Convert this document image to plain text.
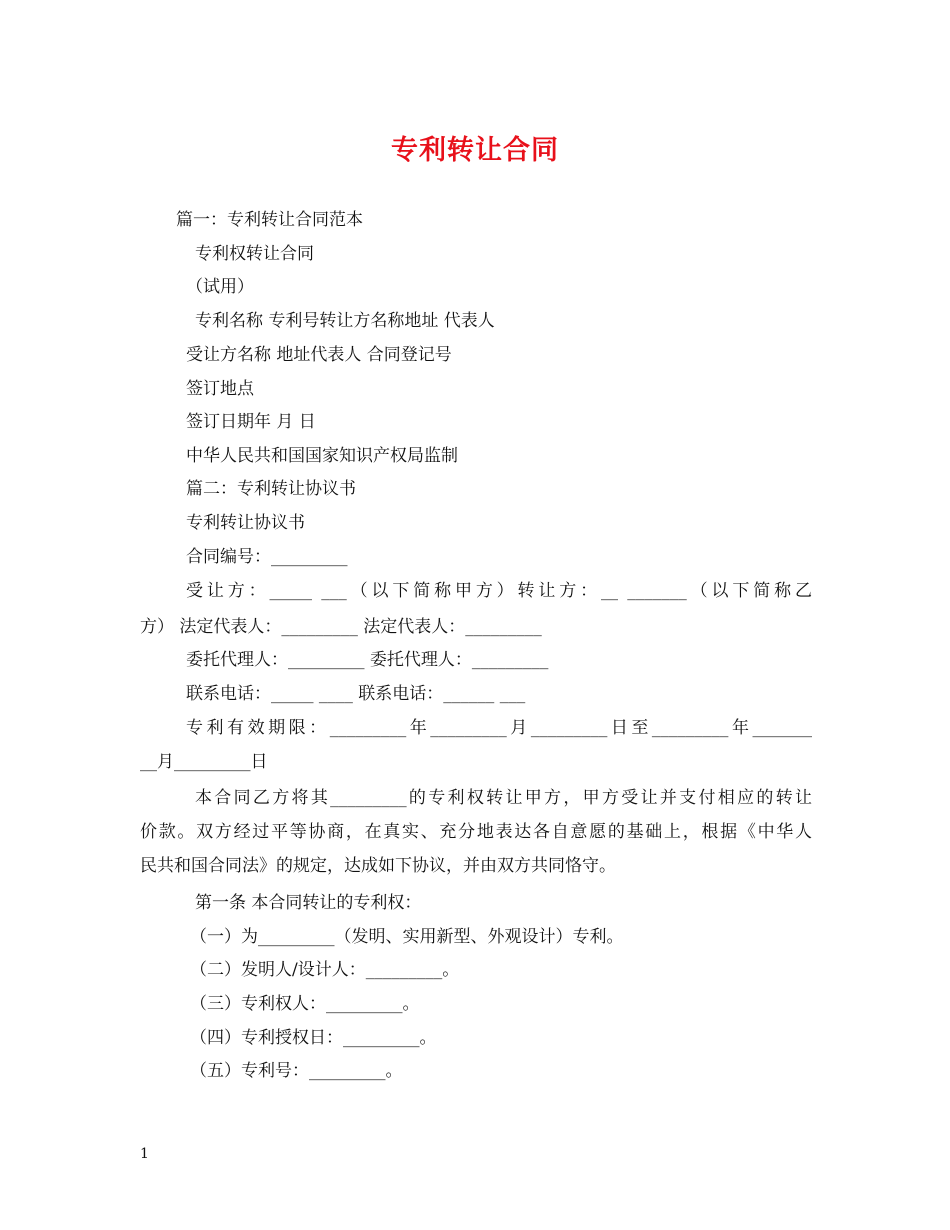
专利转让合同
篇一：专利转让合同范本
专利权转让合同
（试用）
专利名称 专利号转让方名称地址 代表人
受让方名称 地址代表人 合同登记号
签订地点
签订日期年 月 日
中华人民共和国国家知识产权局监制
篇二：专利转让协议书
专利转让协议书
合同编号：_________
受让方：_____ ___（以下简称甲方）转让方：__ _______（以下简称乙
方） 法定代表人：_________ 法定代表人：_________
委托代理人：_________ 委托代理人：_________
联系电话：_____ ____ 联系电话：______ ___
专利有效期限：_________年_________月_________日至_________年_______
__月_________日
本合同乙方将其_________的专利权转让甲方，甲方受让并支付相应的转让
价款。双方经过平等协商，在真实、充分地表达各自意愿的基础上，根据《中华人
民共和国合同法》的规定，达成如下协议，并由双方共同恪守。
第一条 本合同转让的专利权：
（一）为_________（发明、实用新型、外观设计）专利。
（二）发明人/设计人：_________。
（三）专利权人：_________。
（四）专利授权日：_________。
（五）专利号：_________。
1
